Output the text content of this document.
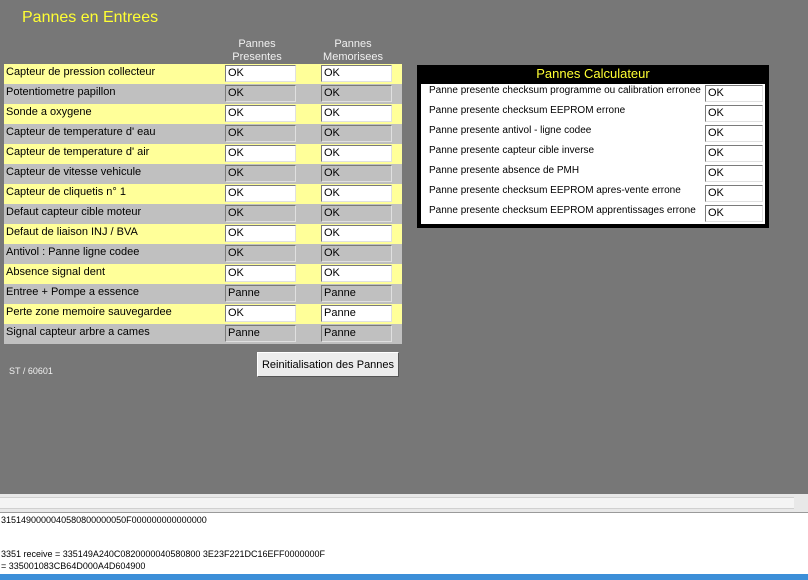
Pannes en Entrees
Pannes
Presentes
Pannes
Memorisees
Capteur de pression collecteur	OK	OK
Potentiometre papillon	OK	OK
Sonde a oxygene	OK	OK
Capteur de temperature d' eau	OK	OK
Capteur de temperature d' air	OK	OK
Capteur de vitesse vehicule	OK	OK
Capteur de cliquetis n° 1	OK	OK
Defaut capteur cible moteur	OK	OK
Defaut de liaison INJ / BVA	OK	OK
Antivol : Panne ligne codee	OK	OK
Absence signal dent	OK	OK
Entree + Pompe a essence	Panne	Panne
Perte zone memoire sauvegardee	OK	Panne
Signal capteur arbre a cames	Panne	Panne
ST / 60601
Reinitialisation des Pannes
Pannes Calculateur
Panne presente checksum programme ou calibration erronee OK
Panne presente checksum EEPROM errone	OK
Panne presente antivol - ligne codee	OK
Panne presente capteur cible inverse	OK
Panne presente absence de PMH	OK
Panne presente checksum EEPROM apres-vente errone OK
Panne presente checksum EEPROM apprentissages errone OK
3151490000040580800000050F000000000000000
3351 receive = 335149A240C0820000040580800 3E23F221DC16EFF0000000F
= 335001083CB64D000A4D604900
